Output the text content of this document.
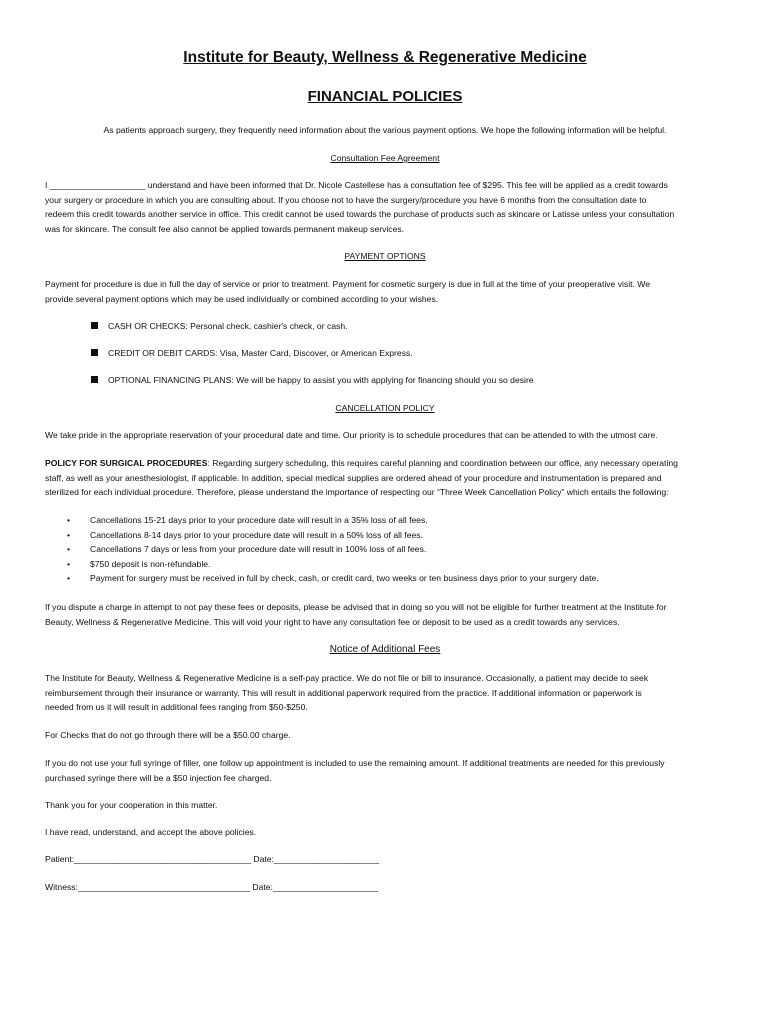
Institute for Beauty, Wellness & Regenerative Medicine
FINANCIAL POLICIES
As patients approach surgery, they frequently need information about the various payment options. We hope the following information will be helpful.
Consultation Fee Agreement
I ____________________ understand and have been informed that Dr. Nicole Castellese has a consultation fee of $295. This fee will be applied as a credit towards
your surgery or procedure in which you are consulting about. If you choose not to have the surgery/procedure you have 6 months from the consultation date to
redeem this credit towards another service in office. This credit cannot be used towards the purchase of products such as skincare or Latisse unless your consultation
was for skincare. The consult fee also cannot be applied towards permanent makeup services.
PAYMENT OPTIONS
Payment for procedure is due in full the day of service or prior to treatment. Payment for cosmetic surgery is due in full at the time of your preoperative visit. We
provide several payment options which may be used individually or combined according to your wishes.
CASH OR CHECKS: Personal check, cashier's check, or cash.
CREDIT OR DEBIT CARDS: Visa, Master Card, Discover, or American Express.
OPTIONAL FINANCING PLANS: We will be happy to assist you with applying for financing should you so desire
CANCELLATION POLICY
We take pride in the appropriate reservation of your procedural date and time. Our priority is to schedule procedures that can be attended to with the utmost care.
POLICY FOR SURGICAL PROCEDURES: Regarding surgery scheduling, this requires careful planning and coordination between our office, any necessary operating
staff, as well as your anesthesiologist, if applicable. In addition, special medical supplies are ordered ahead of your procedure and instrumentation is prepared and
sterilized for each individual procedure. Therefore, please understand the importance of respecting our “Three Week Cancellation Policy” which entails the following:
• Cancellations 15-21 days prior to your procedure date will result in a 35% loss of all fees.
• Cancellations 8-14 days prior to your procedure date will result in a 50% loss of all fees.
• Cancellations 7 days or less from your procedure date will result in 100% loss of all fees.
• $750 deposit is non-refundable.
• Payment for surgery must be received in full by check, cash, or credit card, two weeks or ten business days prior to your surgery date.
If you dispute a charge in attempt to not pay these fees or deposits, please be advised that in doing so you will not be eligible for further treatment at the Institute for
Beauty, Wellness & Regenerative Medicine. This will void your right to have any consultation fee or deposit to be used as a credit towards any services.
Notice of Additional Fees
The Institute for Beauty, Wellness & Regenerative Medicine is a self-pay practice. We do not file or bill to insurance. Occasionally, a patient may decide to seek
reimbursement through their insurance or warranty. This will result in additional paperwork required from the practice. If additional information or paperwork is
needed from us it will result in additional fees ranging from $50-$250.
For Checks that do not go through there will be a $50.00 charge.
If you do not use your full syringe of filler, one follow up appointment is included to use the remaining amount. If additional treatments are needed for this previously
purchased syringe there will be a $50 injection fee charged.
Thank you for your cooperation in this matter.
I have read, understand, and accept the above policies.
Patient:_____________________________________ Date:______________________
Witness:____________________________________ Date:______________________
